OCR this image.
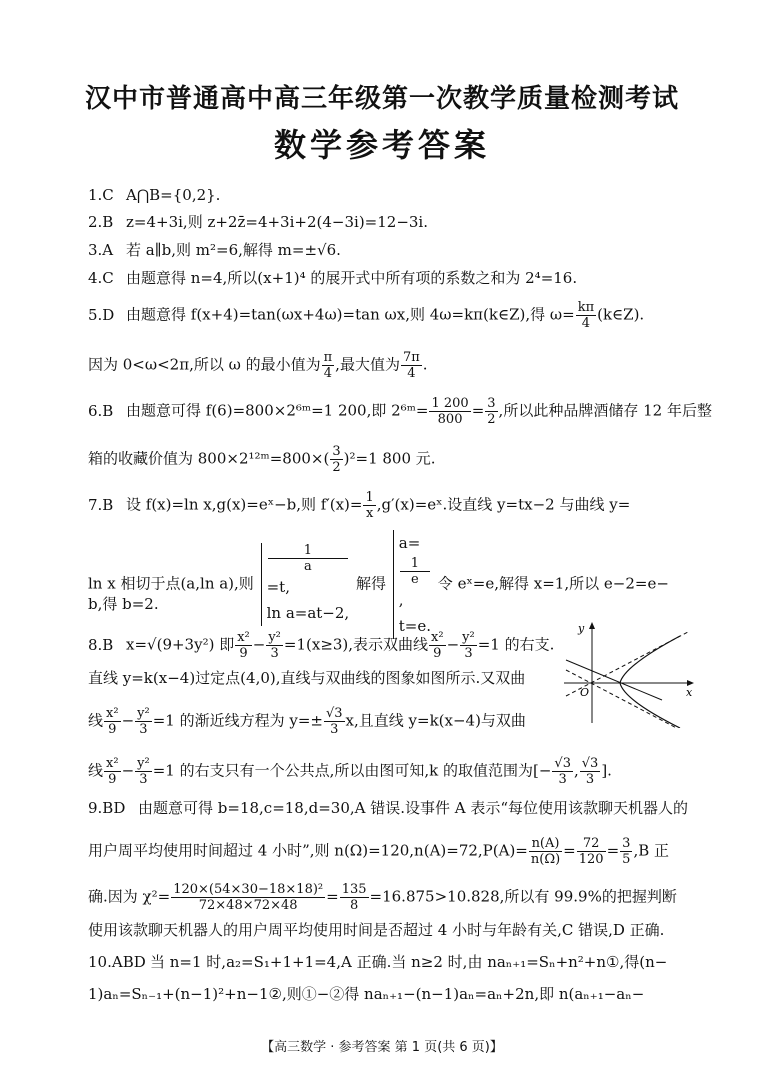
汉中市普通高中高三年级第一次教学质量检测考试
数学参考答案
1.C A⋂B={0,2}.
2.B z=4+3i,则 z+2z̄=4+3i+2(4−3i)=12−3i.
3.A 若 a∥b,则 m²=6,解得 m=±√6.
4.C 由题意得 n=4,所以(x+1)⁴ 的展开式中所有项的系数之和为 2⁴=16.
5.D 由题意得 f(x+4)=tan(ωx+4ω)=tan ωx,则 4ω=kπ(k∈Z),得 $\omega= \frac{k\pi}{4}$ (k∈Z).
因为 0<ω<2π,所以 ω 的最小值为 $\frac{\pi}{4}$ ,最大值为 $\frac{7\pi}{4}$ .
6.B 由题意可得 f(6)=800×2⁶ᵐ=1 200,即 2⁶ᵐ= $\frac{1 200}{800} = \frac{3}{2}$ ,所以此种品牌酒储存 12 年后整
箱的收藏价值为 800×2¹²ᵐ=800×( $\frac{3}{2} )^2=1$ 800 元.
7.B 设 f(x)=ln x,g(x)=eˣ−b,则 $f'(x)= \frac{1}{x}$ ,g′(x)=eˣ.设直线 y=tx−2 与曲线 y=
ln x 相切于点(a,ln a),则
1
a
=t,
ln a=at−2,
解得
a=
1
e
,
t=e.
令 eˣ=e,解得 x=1,所以 e−2=e−
b,得 b=2.
8.B x=√(9+3y²) 即 $\frac{\text{x²}}{9} - \frac{\text{y²}}{3} =1(x\ge 3)$,表示双曲线 $\frac{\text{x²}}{9} - \frac{\text{y²}}{3} =1$ 的右支.
直线 y=k(x−4)过定点(4,0),直线与双曲线的图象如图所示.又双曲
线 $\frac{\text{x²}}{9} - \frac{\text{y²}}{3} =1$ 的渐近线方程为 $y=\pm \frac{√3}{3} x$,且直线 y=k(x−4)与双曲
线 $\frac{\text{x²}}{9} - \frac{\text{y²}}{3} =1$ 的右支只有一个公共点,所以由图可知,k 的取值范围为[− $\frac{√3}{3}$ , $\frac{√3}{3}$ ].
y
x
O
9.BD 由题意可得 b=18,c=18,d=30,A 错误.设事件 A 表示“每位使用该款聊天机器人的
用户周平均使用时间超过 4 小时”,则 $n(\Omega)=120,n(A)=72,P(A)= \frac{n(A)}{n(\Omega)} = \frac{72}{120} = \frac{3}{5} ,B$ 正
确.因为 $\chi^2= \frac{\text{120×(54×30−18×18)²}}{72\times 48\times 72\times 48} = \frac{135}{8} =16.875>10.828$,所以有 99.9%的把握判断
使用该款聊天机器人的用户周平均使用时间是否超过 4 小时与年龄有关,C 错误,D 正确.
10.ABD 当 n=1 时,a₂=S₁+1+1=4,A 正确.当 n≥2 时,由 naₙ₊₁=Sₙ+n²+n①,得(n−
1)aₙ=Sₙ₋₁+(n−1)²+n−1②,则①−②得 naₙ₊₁−(n−1)aₙ=aₙ+2n,即 n(aₙ₊₁−aₙ−
【高三数学 · 参考答案 第 1 页(共 6 页)】
